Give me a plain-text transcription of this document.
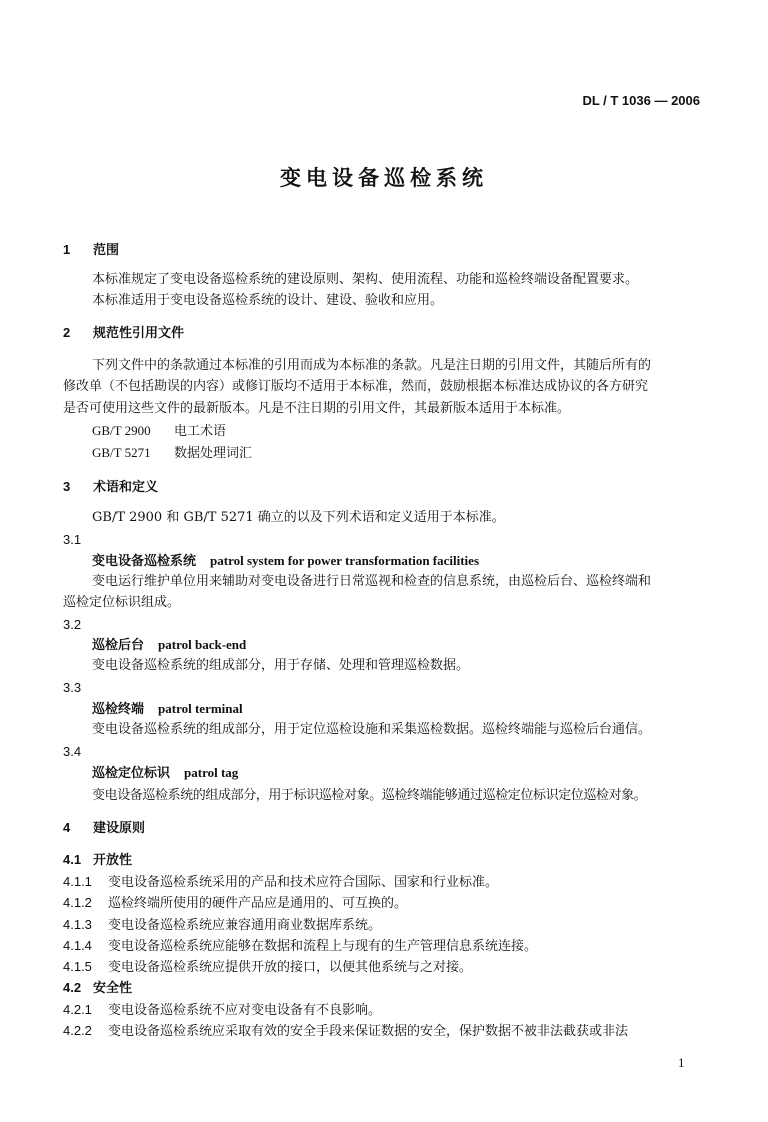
DL / T 1036 — 2006
变电设备巡检系统
1 范围
本标准规定了变电设备巡检系统的建设原则、架构、使用流程、功能和巡检终端设备配置要求。
本标准适用于变电设备巡检系统的设计、建设、验收和应用。
2 规范性引用文件
下列文件中的条款通过本标准的引用而成为本标准的条款。凡是注日期的引用文件，其随后所有的
修改单（不包括勘误的内容）或修订版均不适用于本标准，然而，鼓励根据本标准达成协议的各方研究
是否可使用这些文件的最新版本。凡是不注日期的引用文件，其最新版本适用于本标准。
GB/T 2900 电工术语
GB/T 5271 数据处理词汇
3 术语和定义
GB/T 2900 和 GB/T 5271 确立的以及下列术语和定义适用于本标准。
3.1
变电设备巡检系统 patrol system for power transformation facilities
变电运行维护单位用来辅助对变电设备进行日常巡视和检查的信息系统，由巡检后台、巡检终端和
巡检定位标识组成。
3.2
巡检后台 patrol back-end
变电设备巡检系统的组成部分，用于存储、处理和管理巡检数据。
3.3
巡检终端 patrol terminal
变电设备巡检系统的组成部分，用于定位巡检设施和采集巡检数据。巡检终端能与巡检后台通信。
3.4
巡检定位标识 patrol tag
变电设备巡检系统的组成部分，用于标识巡检对象。巡检终端能够通过巡检定位标识定位巡检对象。
4 建设原则
4.1 开放性
4.1.1 变电设备巡检系统采用的产品和技术应符合国际、国家和行业标准。
4.1.2 巡检终端所使用的硬件产品应是通用的、可互换的。
4.1.3 变电设备巡检系统应兼容通用商业数据库系统。
4.1.4 变电设备巡检系统应能够在数据和流程上与现有的生产管理信息系统连接。
4.1.5 变电设备巡检系统应提供开放的接口，以便其他系统与之对接。
4.2 安全性
4.2.1 变电设备巡检系统不应对变电设备有不良影响。
4.2.2 变电设备巡检系统应采取有效的安全手段来保证数据的安全，保护数据不被非法截获或非法
1
